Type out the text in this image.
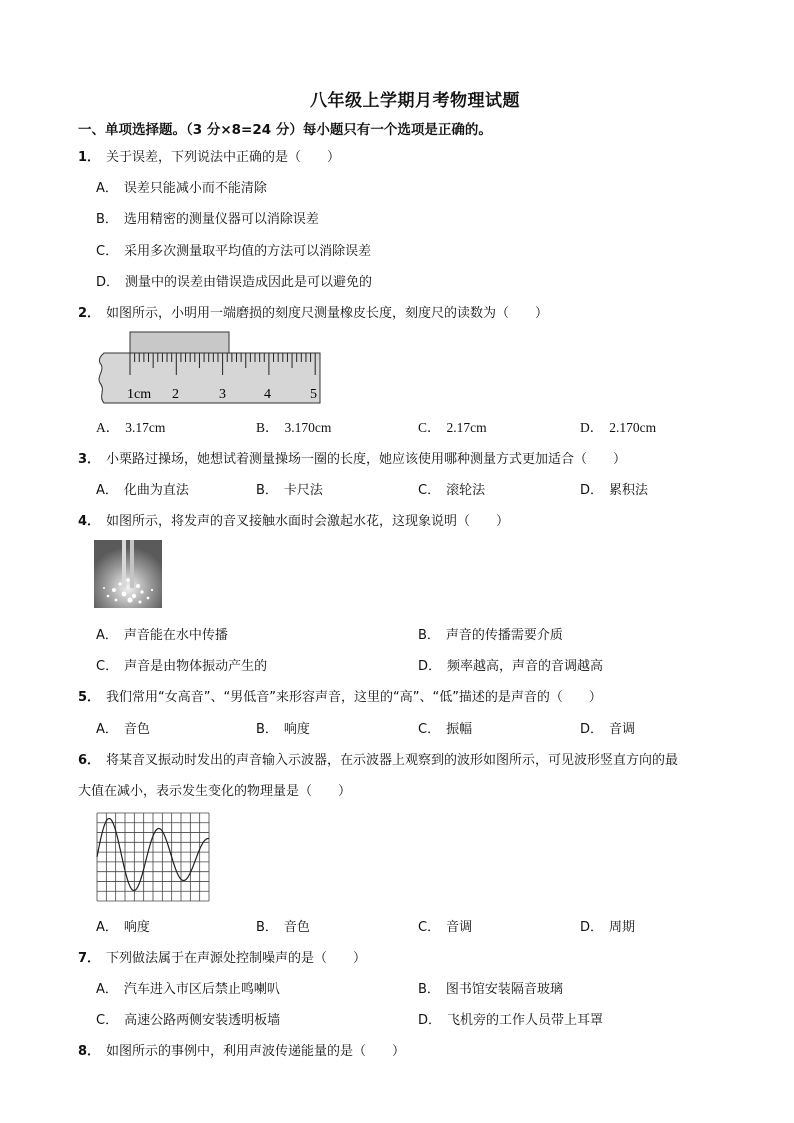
八年级上学期月考物理试题
一、单项选择题。（3 分×8=24 分）每小题只有一个选项是正确的。
1． 关于误差，下列说法中正确的是（　　）
A． 误差只能减小而不能清除
B． 选用精密的测量仪器可以消除误差
C． 采用多次测量取平均值的方法可以消除误差
D． 测量中的误差由错误造成因此是可以避免的
2． 如图所示，小明用一端磨损的刻度尺测量橡皮长度，刻度尺的读数为（　　）
1cm 2	3	4	5
A． 3.17cm	B． 3.170cm	C． 2.17cm	D． 2.170cm
3． 小栗路过操场，她想试着测量操场一圈的长度，她应该使用哪种测量方式更加适合（　　）
A． 化曲为直法	B． 卡尺法	C． 滚轮法	D． 累积法
4． 如图所示，将发声的音叉接触水面时会激起水花，这现象说明（　　）
A． 声音能在水中传播	B． 声音的传播需要介质
C． 声音是由物体振动产生的	D． 频率越高，声音的音调越高
5． 我们常用“女高音”、“男低音”来形容声音，这里的“高”、“低”描述的是声音的（　　）
A． 音色	B． 响度	C． 振幅	D． 音调
6． 将某音叉振动时发出的声音输入示波器，在示波器上观察到的波形如图所示，可见波形竖直方向的最
大值在减小，表示发生变化的物理量是（　　）
A． 响度	B． 音色	C． 音调	D． 周期
7． 下列做法属于在声源处控制噪声的是（　　）
A． 汽车进入市区后禁止鸣喇叭	B． 图书馆安装隔音玻璃
C． 高速公路两侧安装透明板墙	D． 飞机旁的工作人员带上耳罩
8． 如图所示的事例中，利用声波传递能量的是（　　）
